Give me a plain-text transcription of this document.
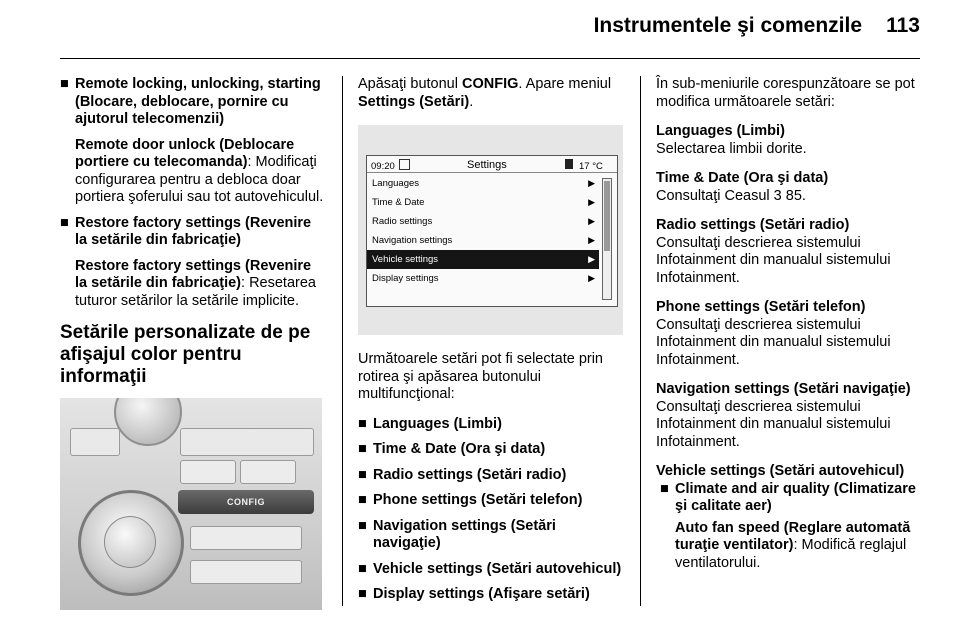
Instrumentele şi comenzile 113
■ Remote locking, unlocking, starting (Blocare, deblocare, pornire cu ajutorul telecomenzii)

Remote door unlock (Deblocare portiere cu telecomanda): Modificaţi configurarea pentru a debloca doar portiera şoferului sau tot autovehiculul.
■ Restore factory settings (Revenire la setările din fabricaţie)

Restore factory settings (Revenire la setările din fabricaţie): Resetarea tuturor setărilor la setările implicite.
Setările personalizate de pe afişajul color pentru informaţii
CONFIG

Apăsaţi butonul CONFIG. Apare meniul Settings (Setări).

09:20	Settings	17 °C
Languages	▶
Time & Date	▶
Radio settings	▶
Navigation settings	▶
Vehicle settings	▶
Display settings	▶

Următoarele setări pot fi selectate prin rotirea şi apăsarea butonului multifuncţional:

■ Languages (Limbi)

■ Time & Date (Ora şi data)

■ Radio settings (Setări radio)

■ Phone settings (Setări telefon)

■ Navigation settings (Setări navigaţie)

■ Vehicle settings (Setări autovehicul)

■ Display settings (Afişare setări)

În sub-meniurile corespunzătoare se pot modifica următoarele setări:

Languages (Limbi)

Selectarea limbii dorite.

Time & Date (Ora şi data)

Consultaţi Ceasul 3 85.

Radio settings (Setări radio)

Consultaţi descrierea sistemului Infotainment din manualul sistemului Infotainment.

Phone settings (Setări telefon)

Consultaţi descrierea sistemului Infotainment din manualul sistemului Infotainment.

Navigation settings (Setări navigaţie)

Consultaţi descrierea sistemului Infotainment din manualul sistemului Infotainment.

Vehicle settings (Setări autovehicul)

■ Climate and air quality (Climatizare şi calitate aer)

Auto fan speed (Reglare automată turaţie ventilator): Modifică reglajul ventilatorului.
